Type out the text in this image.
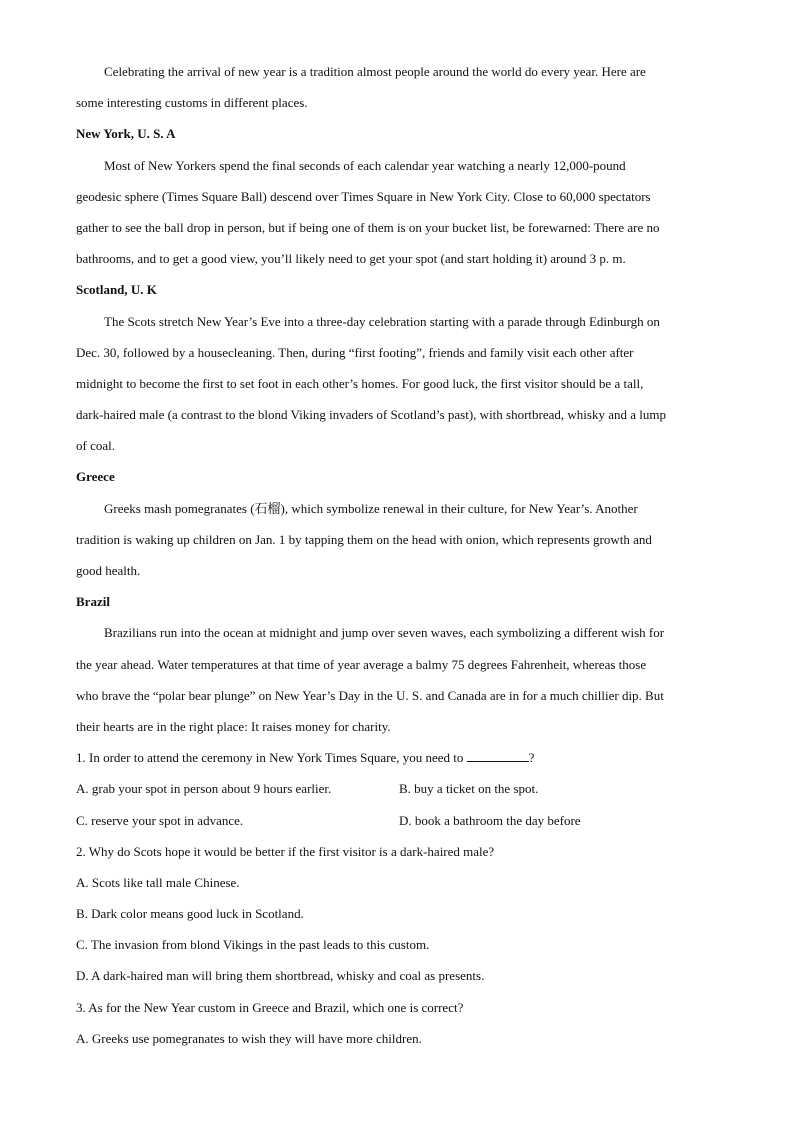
Celebrating the arrival of new year is a tradition almost people around the world do every year. Here are
some interesting customs in different places.
New York, U. S. A
Most of New Yorkers spend the final seconds of each calendar year watching a nearly 12,000-pound
geodesic sphere (Times Square Ball) descend over Times Square in New York City. Close to 60,000 spectators
gather to see the ball drop in person, but if being one of them is on your bucket list, be forewarned: There are no
bathrooms, and to get a good view, you’ll likely need to get your spot (and start holding it) around 3 p. m.
Scotland, U. K
The Scots stretch New Year’s Eve into a three-day celebration starting with a parade through Edinburgh on
Dec. 30, followed by a housecleaning. Then, during “first footing”, friends and family visit each other after
midnight to become the first to set foot in each other’s homes. For good luck, the first visitor should be a tall,
dark-haired male (a contrast to the blond Viking invaders of Scotland’s past), with shortbread, whisky and a lump
of coal.
Greece
Greeks mash pomegranates (石榴), which symbolize renewal in their culture, for New Year’s. Another
tradition is waking up children on Jan. 1 by tapping them on the head with onion, which represents growth and
good health.
Brazil
Brazilians run into the ocean at midnight and jump over seven waves, each symbolizing a different wish for
the year ahead. Water temperatures at that time of year average a balmy 75 degrees Fahrenheit, whereas those
who brave the “polar bear plunge” on New Year’s Day in the U. S. and Canada are in for a much chillier dip. But
their hearts are in the right place: It raises money for charity.
1. In order to attend the ceremony in New York Times Square, you need to	?
A. grab your spot in person about 9 hours earlier.	B. buy a ticket on the spot.
C. reserve your spot in advance.	D. book a bathroom the day before
2. Why do Scots hope it would be better if the first visitor is a dark-haired male?
A. Scots like tall male Chinese.
B. Dark color means good luck in Scotland.
C. The invasion from blond Vikings in the past leads to this custom.
D. A dark-haired man will bring them shortbread, whisky and coal as presents.
3. As for the New Year custom in Greece and Brazil, which one is correct?
A. Greeks use pomegranates to wish they will have more children.
